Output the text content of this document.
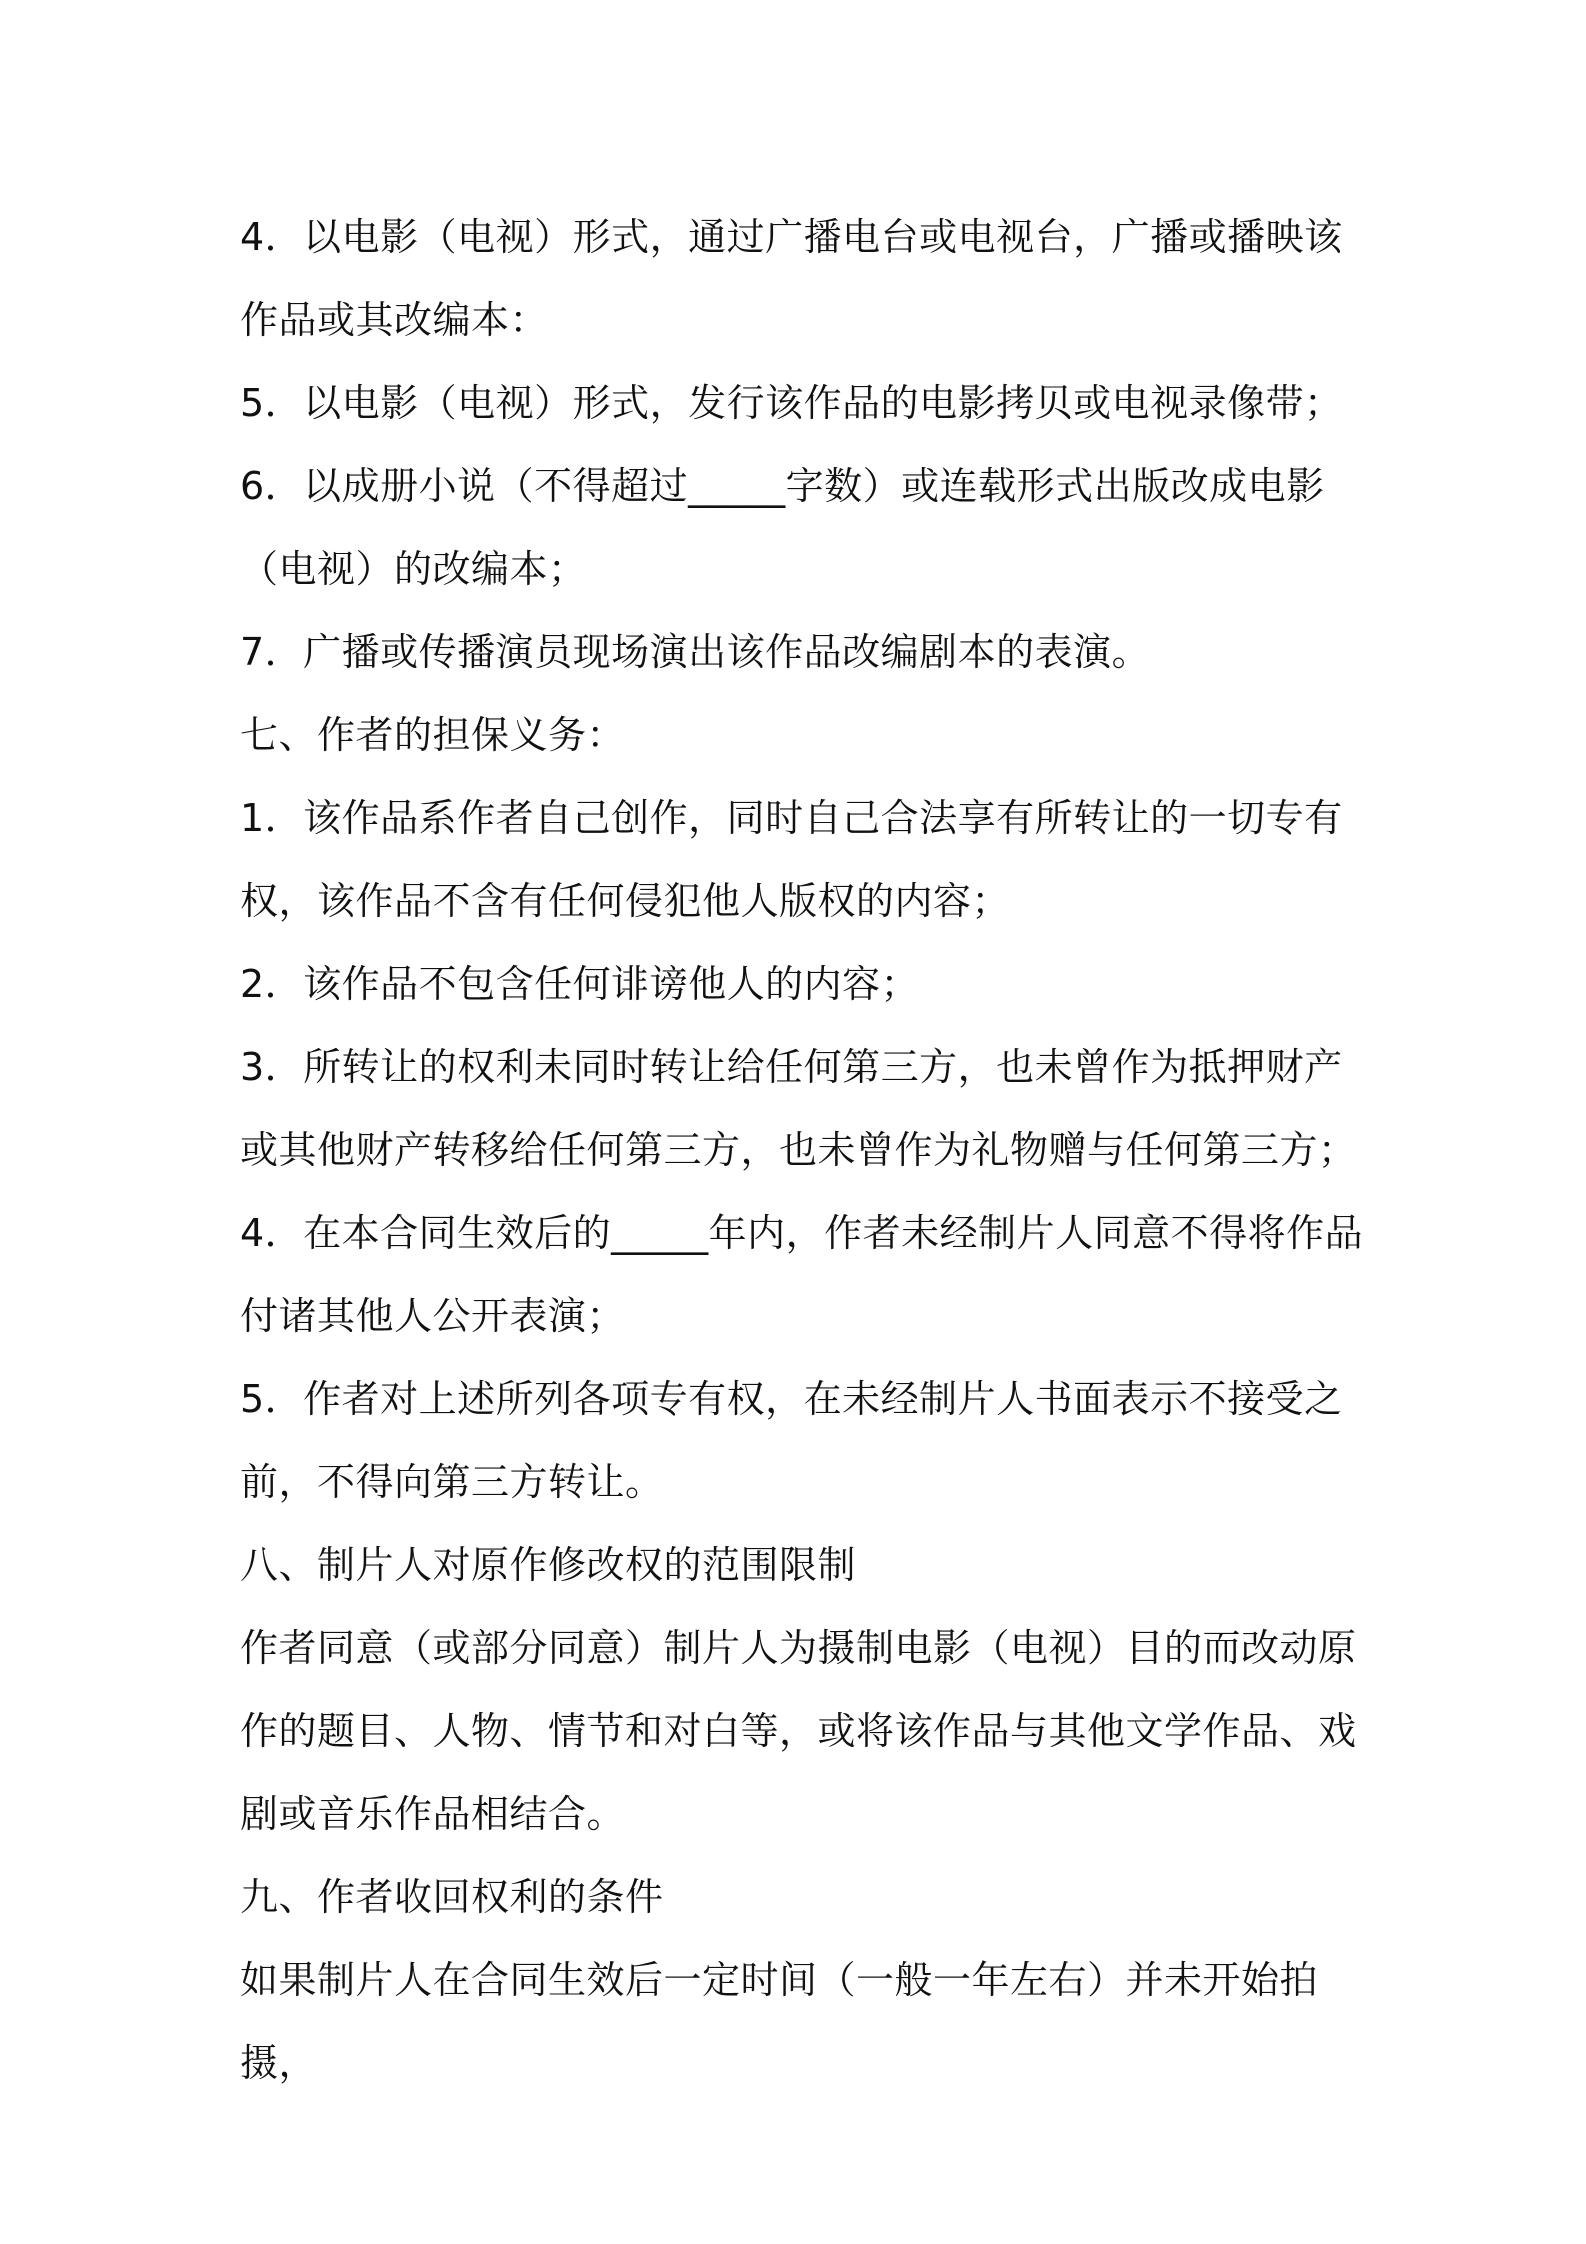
4．以电影（电视）形式，通过广播电台或电视台，广播或播映该作品或其改编本：

5．以电影（电视）形式，发行该作品的电影拷贝或电视录像带；

6．以成册小说（不得超过_____字数）或连载形式出版改成电影（电视）的改编本；

7．广播或传播演员现场演出该作品改编剧本的表演。

七、作者的担保义务：

1．该作品系作者自己创作，同时自己合法享有所转让的一切专有权，该作品不含有任何侵犯他人版权的内容；

2．该作品不包含任何诽谤他人的内容；

3．所转让的权利未同时转让给任何第三方，也未曾作为抵押财产或其他财产转移给任何第三方，也未曾作为礼物赠与任何第三方；

4．在本合同生效后的_____年内，作者未经制片人同意不得将作品付诸其他人公开表演；

5．作者对上述所列各项专有权，在未经制片人书面表示不接受之前，不得向第三方转让。

八、制片人对原作修改权的范围限制

作者同意（或部分同意）制片人为摄制电影（电视）目的而改动原作的题目、人物、情节和对白等，或将该作品与其他文学作品、戏剧或音乐作品相结合。

九、作者收回权利的条件

如果制片人在合同生效后一定时间（一般一年左右）并未开始拍摄，
